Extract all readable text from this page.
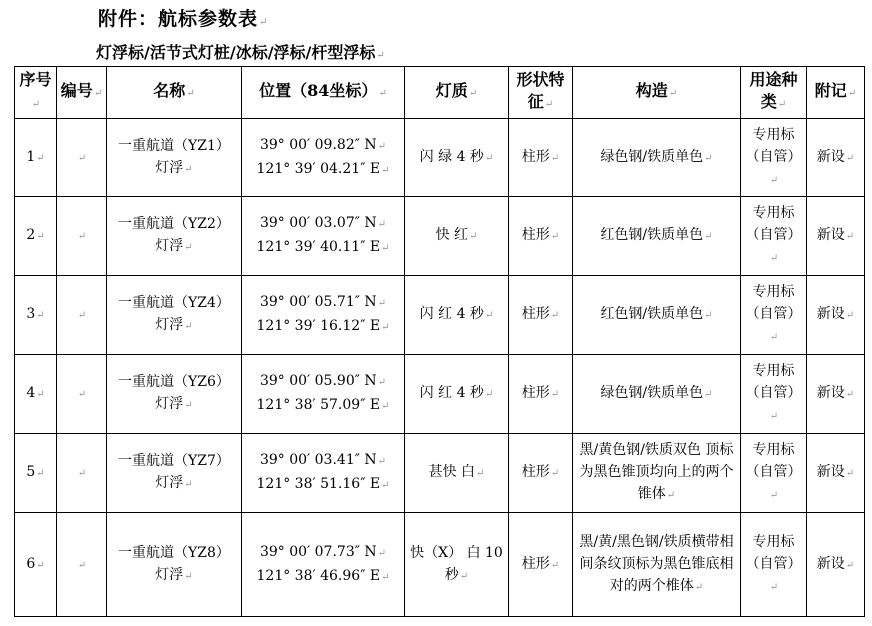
附件：航标参数表↵
灯浮标/活节式灯桩/冰标/浮标/杆型浮标↵
序号↵	编号↵	名称↵	位置（84坐标）↵	灯质↵	形状特征↵	构造↵	用途种类↵	附记↵
1↵	↵	一重航道（YZ1）
灯浮↵	39° 00′ 09.82″ N↵
121° 39′ 04.21″ E↵	闪 绿 4 秒↵	柱形↵	绿色钢/铁质单色↵	专用标（自管）↵	新设↵
2↵	↵	一重航道（YZ2）
灯浮↵	39° 00′ 03.07″ N↵
121° 39′ 40.11″ E↵	快 红↵	柱形↵	红色钢/铁质单色↵	专用标（自管）↵	新设↵
3↵	↵	一重航道（YZ4）
灯浮↵	39° 00′ 05.71″ N↵
121° 39′ 16.12″ E↵	闪 红 4 秒↵	柱形↵	红色钢/铁质单色↵	专用标（自管）↵	新设↵
4↵	↵	一重航道（YZ6）
灯浮↵	39° 00′ 05.90″ N↵
121° 38′ 57.09″ E↵	闪 红 4 秒↵	柱形↵	绿色钢/铁质单色↵	专用标（自管）↵	新设↵
5↵	↵	一重航道（YZ7）
灯浮↵	39° 00′ 03.41″ N↵
121° 38′ 51.16″ E↵	甚快 白↵	柱形↵	黑/黄色钢/铁质双色 顶标为黑色锥顶均向上的两个锥体↵	专用标（自管）↵	新设↵
6↵	↵	一重航道（YZ8）
灯浮↵	39° 00′ 07.73″ N↵
121° 38′ 46.96″ E↵	快（X） 白 10秒↵	柱形↵	黑/黄/黑色钢/铁质横带相间条纹顶标为黑色锥底相对的两个椎体↵	专用标（自管）↵	新设↵
